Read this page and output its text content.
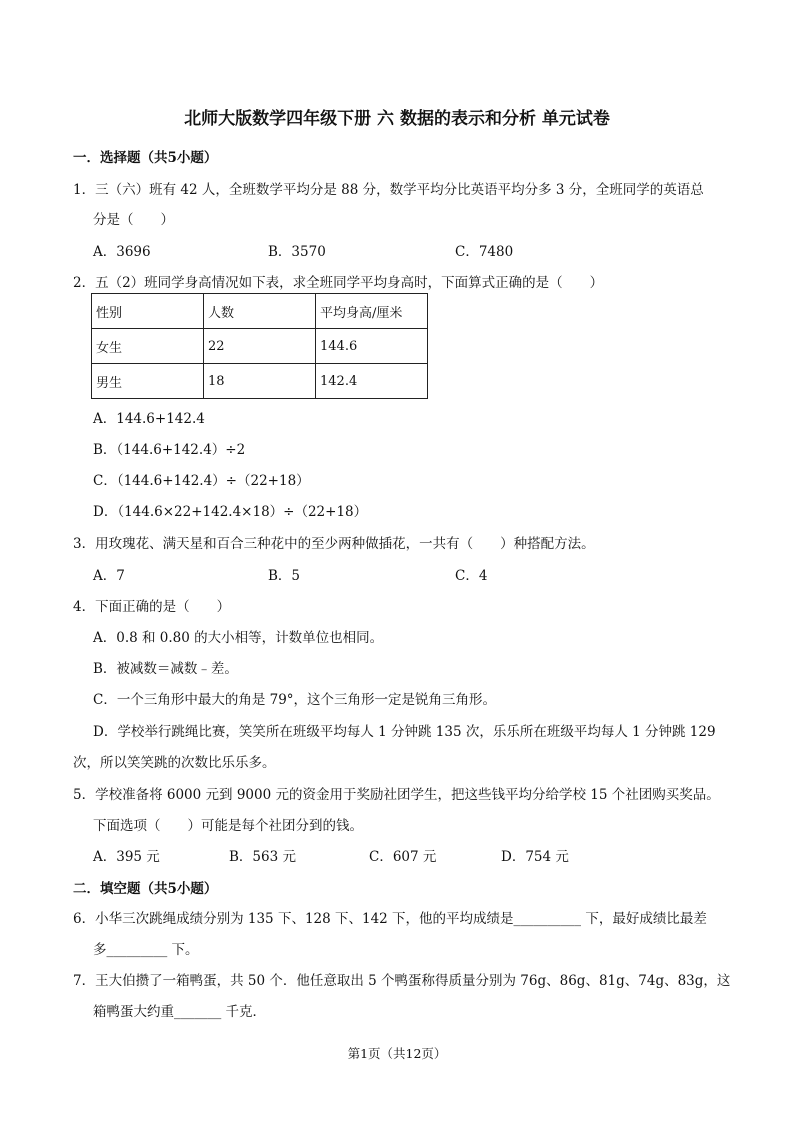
北师大版数学四年级下册 六 数据的表示和分析 单元试卷
一．选择题（共5小题）
1．三（六）班有 42 人，全班数学平均分是 88 分，数学平均分比英语平均分多 3 分，全班同学的英语总
分是（　　）
A．3696	B．3570	C．7480
2．五（2）班同学身高情况如下表，求全班同学平均身高时，下面算式正确的是（　　）
性别	人数	平均身高/厘米
女生	22	144.6
男生	18	142.4
A．144.6+142.4
B．（144.6+142.4）÷2
C．（144.6+142.4）÷（22+18）
D．（144.6×22+142.4×18）÷（22+18）
3．用玫瑰花、满天星和百合三种花中的至少两种做插花，一共有（　　）种搭配方法。
A．7	B．5	C．4
4．下面正确的是（　　）
A．0.8 和 0.80 的大小相等，计数单位也相同。
B．被减数＝减数﹣差。
C．一个三角形中最大的角是 79°，这个三角形一定是锐角三角形。
D．学校举行跳绳比赛，笑笑所在班级平均每人 1 分钟跳 135 次，乐乐所在班级平均每人 1 分钟跳 129
次，所以笑笑跳的次数比乐乐多。
5．学校准备将 6000 元到 9000 元的资金用于奖励社团学生，把这些钱平均分给学校 15 个社团购买奖品。
下面选项（　　）可能是每个社团分到的钱。
A．395 元	B．563 元	C．607 元	D．754 元
二．填空题（共5小题）
6．小华三次跳绳成绩分别为 135 下、128 下、142 下，他的平均成绩是__________ 下，最好成绩比最差
多_________ 下。
7．王大伯攒了一箱鸭蛋，共 50 个．他任意取出 5 个鸭蛋称得质量分别为 76g、86g、81g、74g、83g，这
箱鸭蛋大约重_______ 千克．
第1页（共12页）
